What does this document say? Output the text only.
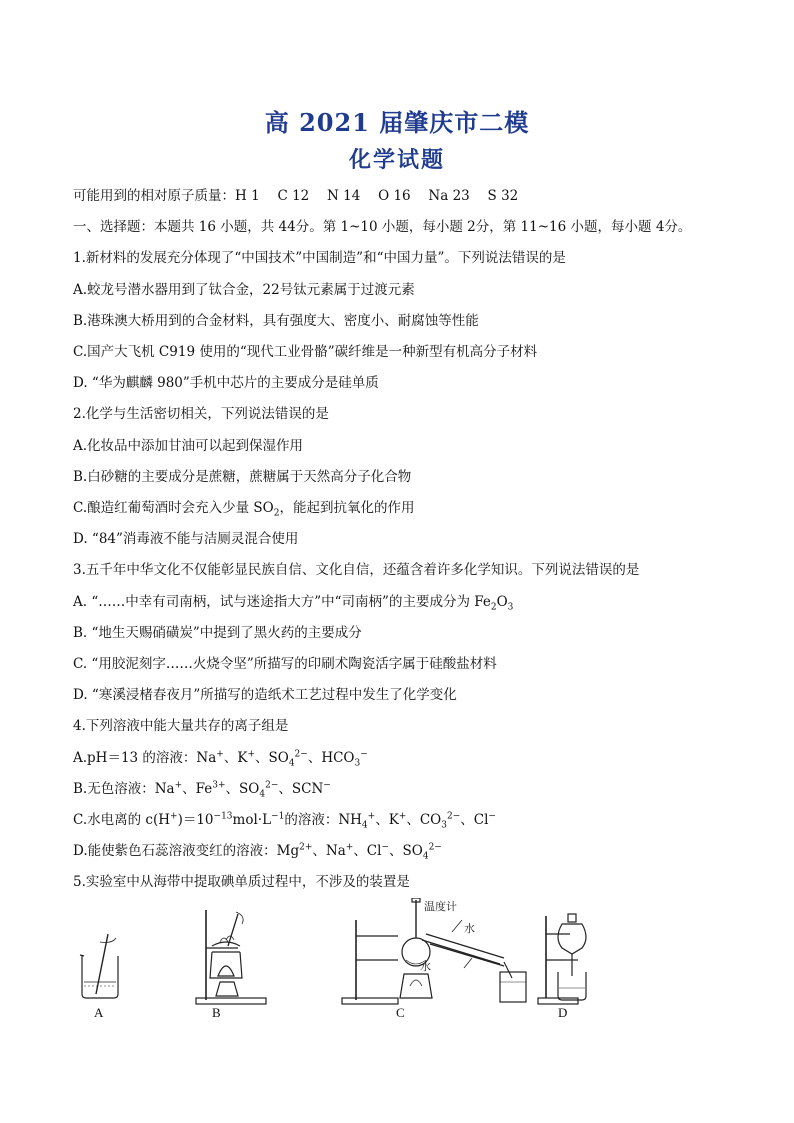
高 2021 届肇庆市二模
化学试题
可能用到的相对原子质量：H 1　 C 12　 N 14　 O 16　 Na 23　 S 32
一、选择题：本题共 16 小题，共 44分。第 1~10 小题，每小题 2分，第 11~16 小题，每小题 4分。
1.新材料的发展充分体现了“中国技术”中国制造”和“中国力量”。下列说法错误的是
A.蛟龙号潜水器用到了钛合金，22号钛元素属于过渡元素
B.港珠澳大桥用到的合金材料，具有强度大、密度小、耐腐蚀等性能
C.国产大飞机 C919 使用的“现代工业骨骼”碳纤维是一种新型有机高分子材料
D. “华为麒麟 980”手机中芯片的主要成分是硅单质
2.化学与生活密切相关，下列说法错误的是
A.化妆品中添加甘油可以起到保湿作用
B.白砂糖的主要成分是蔗糖，蔗糖属于天然高分子化合物
C.酿造红葡萄酒时会充入少量 $SO_2$，能起到抗氧化的作用
D. “84”消毒液不能与洁厕灵混合使用
3.五千年中华文化不仅能彰显民族自信、文化自信，还蕴含着许多化学知识。下列说法错误的是
A. “……中幸有司南柄，试与迷途指大方”中“司南柄”的主要成分为 $Fe_2O_3$
B. “地生天赐硝磺炭”中提到了黑火药的主要成分
C. “用胶泥刻字……火烧令坚”所描写的印刷术陶瓷活字属于硅酸盐材料
D. “寒溪浸楮春夜月”所描写的造纸术工艺过程中发生了化学变化
4.下列溶液中能大量共存的离子组是
A.pH＝13 的溶液：Na+、K+、$SO_4^{2-}$、$HCO_3^-$
B.无色溶液：Na+、$Fe^{3+}$、$SO_4^{2-}$、SCN−
C.水电离的 $c(H^+)=10^{-13}mol\cdot L^{-1}$的溶液：$NH_4^+$、K+、$CO_3^{2-}$、Cl−
D.能使紫色石蕊溶液变红的溶液：$Mg^{2+}$、Na+、Cl−、$SO_4^{2-}$
5.实验室中从海带中提取碘单质过程中，不涉及的装置是
温度计
水
水
A	B	C	D
